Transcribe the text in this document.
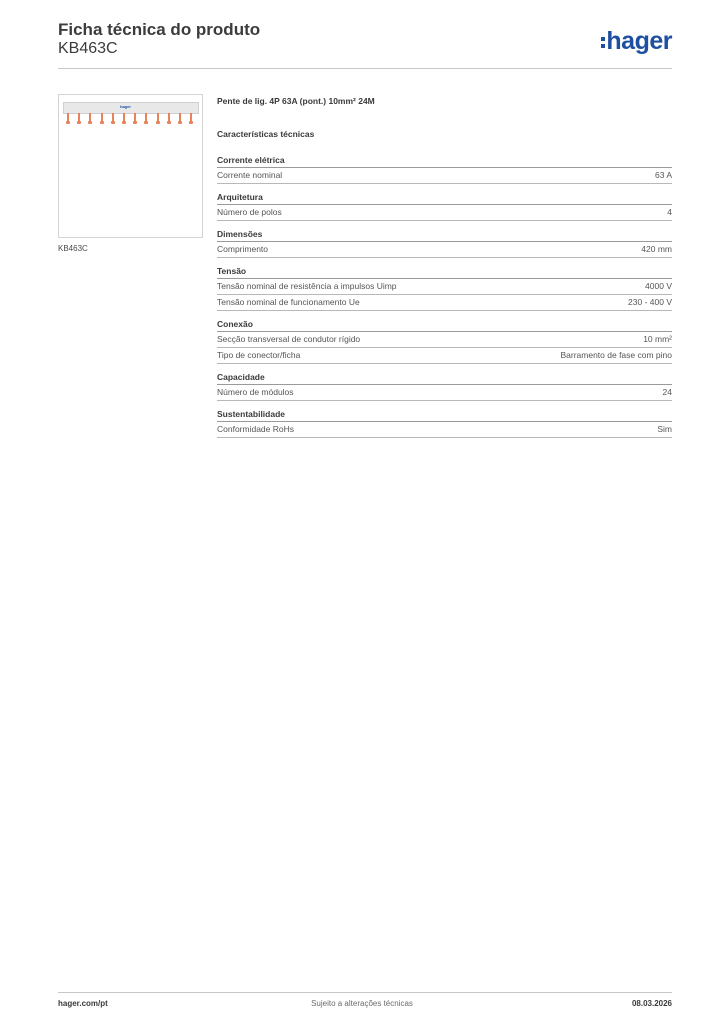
Ficha técnica do produto
KB463C	hager
hager
KB463C
Pente de lig. 4P 63A (pont.) 10mm² 24M
Características técnicas
Corrente elétrica
Corrente nominal	63 A
Arquitetura
Número de polos	4
Dimensões
Comprimento	420 mm
Tensão
Tensão nominal de resistência a impulsos Uimp	4000 V
Tensão nominal de funcionamento Ue	230 - 400 V
Conexão
Secção transversal de condutor rígido	10 mm²
Tipo de conector/ficha	Barramento de fase com pino
Capacidade
Número de módulos	24
Sustentabilidade
Conformidade RoHs	Sim
hager.com/pt	Sujeito a alterações técnicas	08.03.2026
